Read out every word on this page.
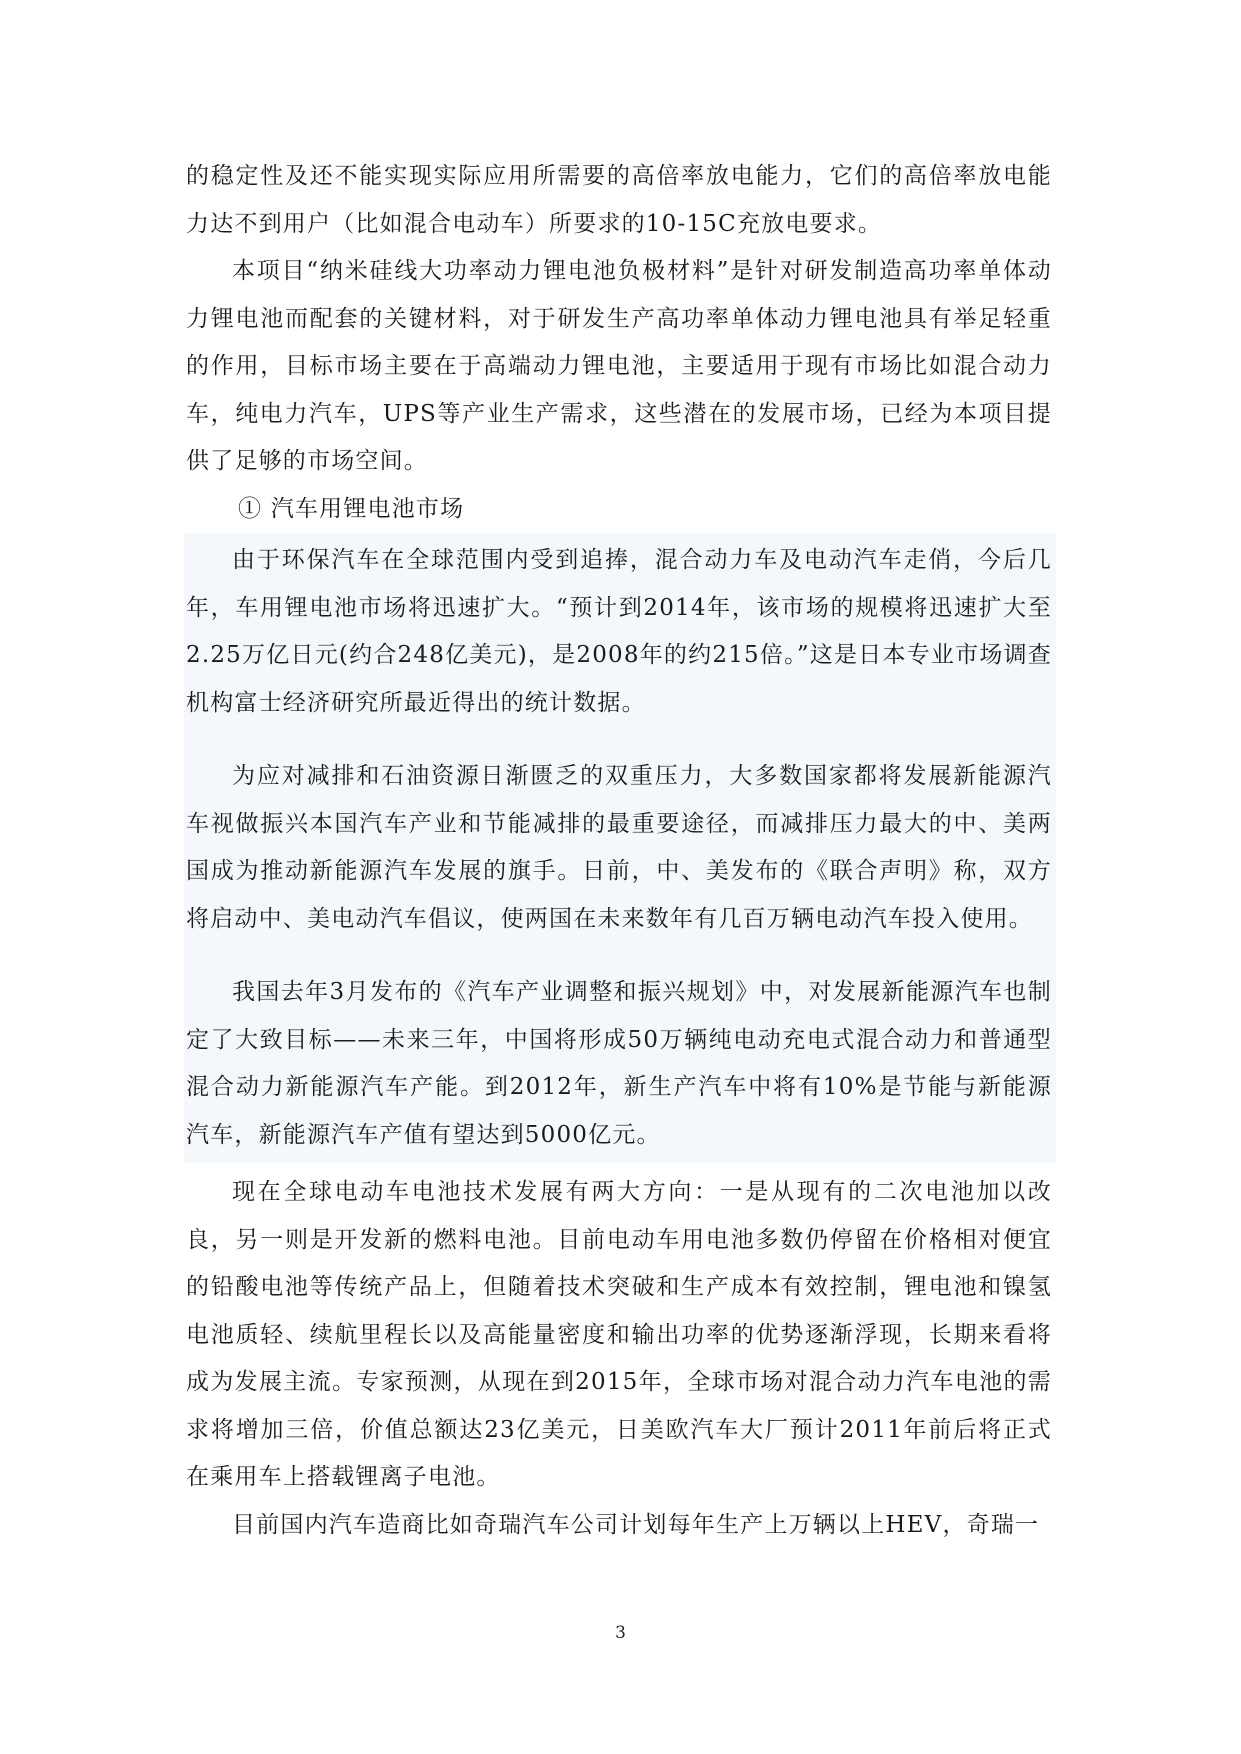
的稳定性及还不能实现实际应用所需要的高倍率放电能力，它们的高倍率放电能力达不到用户（比如混合电动车）所要求的10-15C充放电要求。

本项目“纳米硅线大功率动力锂电池负极材料”是针对研发制造高功率单体动力锂电池而配套的关键材料，对于研发生产高功率单体动力锂电池具有举足轻重的作用，目标市场主要在于高端动力锂电池，主要适用于现有市场比如混合动力车，纯电力汽车，UPS等产业生产需求，这些潜在的发展市场，已经为本项目提供了足够的市场空间。

① 汽车用锂电池市场

由于环保汽车在全球范围内受到追捧，混合动力车及电动汽车走俏，今后几年，车用锂电池市场将迅速扩大。“预计到2014年，该市场的规模将迅速扩大至2.25万亿日元(约合248亿美元)，是2008年的约215倍。”这是日本专业市场调查机构富士经济研究所最近得出的统计数据。

为应对减排和石油资源日渐匮乏的双重压力，大多数国家都将发展新能源汽车视做振兴本国汽车产业和节能减排的最重要途径，而减排压力最大的中、美两国成为推动新能源汽车发展的旗手。日前，中、美发布的《联合声明》称，双方将启动中、美电动汽车倡议，使两国在未来数年有几百万辆电动汽车投入使用。

我国去年3月发布的《汽车产业调整和振兴规划》中，对发展新能源汽车也制定了大致目标——未来三年，中国将形成50万辆纯电动充电式混合动力和普通型混合动力新能源汽车产能。到2012年，新生产汽车中将有10%是节能与新能源汽车，新能源汽车产值有望达到5000亿元。

现在全球电动车电池技术发展有两大方向：一是从现有的二次电池加以改良，另一则是开发新的燃料电池。目前电动车用电池多数仍停留在价格相对便宜的铅酸电池等传统产品上，但随着技术突破和生产成本有效控制，锂电池和镍氢电池质轻、续航里程长以及高能量密度和输出功率的优势逐渐浮现，长期来看将成为发展主流。专家预测，从现在到2015年，全球市场对混合动力汽车电池的需求将增加三倍，价值总额达23亿美元，日美欧汽车大厂预计2011年前后将正式在乘用车上搭载锂离子电池。

目前国内汽车造商比如奇瑞汽车公司计划每年生产上万辆以上HEV，奇瑞一

3
